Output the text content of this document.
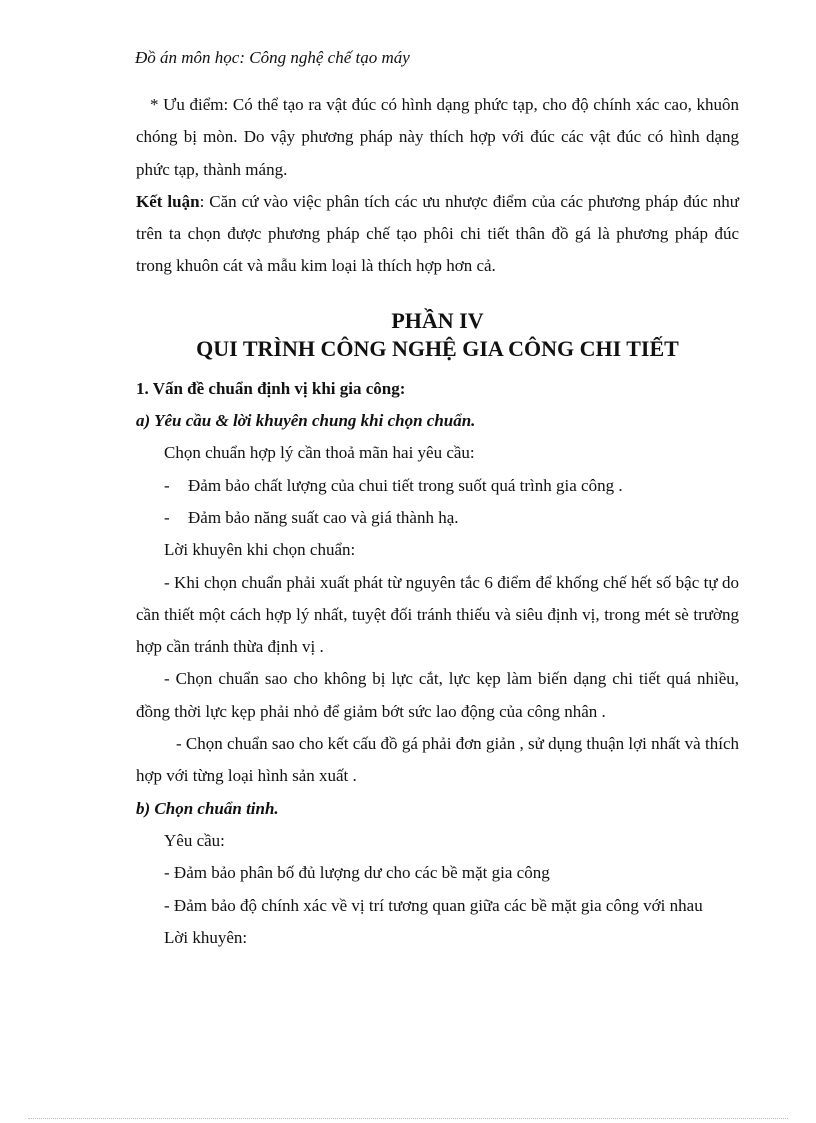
Đồ án môn học: Công nghệ chế tạo máy

* Ưu điểm: Có thể tạo ra vật đúc có hình dạng phức tạp, cho độ chính xác cao, khuôn chóng bị mòn. Do vậy phương pháp này thích hợp với đúc các vật đúc có hình dạng phức tạp, thành máng.

Kết luận: Căn cứ vào việc phân tích các ưu nhược điểm của các phương pháp đúc như trên ta chọn được phương pháp chế tạo phôi chi tiết thân đồ gá là phương pháp đúc trong khuôn cát và mẫu kim loại là thích hợp hơn cả.

PHẦN IV

QUI TRÌNH CÔNG NGHỆ GIA CÔNG CHI TIẾT

1. Vấn đề chuẩn định vị khi gia công:

a) Yêu cầu & lời khuyên chung khi chọn chuẩn.

Chọn chuẩn hợp lý cần thoả mãn hai yêu cầu:

- Đảm bảo chất lượng của chui tiết trong suốt quá trình gia công .

- Đảm bảo năng suất cao và giá thành hạ.

Lời khuyên khi chọn chuẩn:

- Khi chọn chuẩn phải xuất phát từ nguyên tắc 6 điểm để khống chế hết số bậc tự do cần thiết một cách hợp lý nhất, tuyệt đối tránh thiếu và siêu định vị, trong mét sè trường hợp cần tránh thừa định vị .

- Chọn chuẩn sao cho không bị lực cắt, lực kẹp làm biến dạng chi tiết quá nhiều, đồng thời lực kẹp phải nhỏ để giảm bớt sức lao động của công nhân .

- Chọn chuẩn sao cho kết cấu đồ gá phải đơn giản , sử dụng thuận lợi nhất và thích hợp với từng loại hình sản xuất .

b) Chọn chuẩn tinh.

Yêu cầu:

- Đảm bảo phân bố đủ lượng dư cho các bề mặt gia công

- Đảm bảo độ chính xác về vị trí tương quan giữa các bề mặt gia công với nhau

Lời khuyên:
